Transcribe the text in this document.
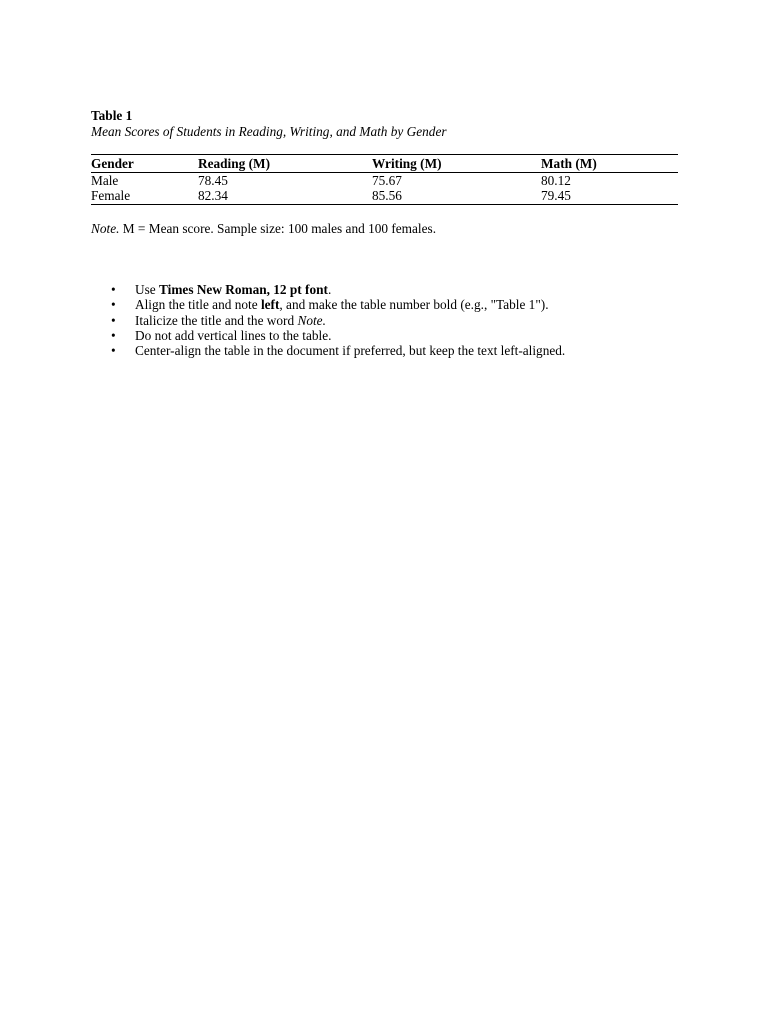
Table 1

Mean Scores of Students in Reading, Writing, and Math by Gender

Gender	Reading (M)	Writing (M)	Math (M)
Male	78.45	75.67	80.12
Female	82.34	85.56	79.45

Note. M = Mean score. Sample size: 100 males and 100 females.

• Use Times New Roman, 12 pt font.
• Align the title and note left, and make the table number bold (e.g., "Table 1").
• Italicize the title and the word Note.
• Do not add vertical lines to the table.
• Center-align the table in the document if preferred, but keep the text left-aligned.
